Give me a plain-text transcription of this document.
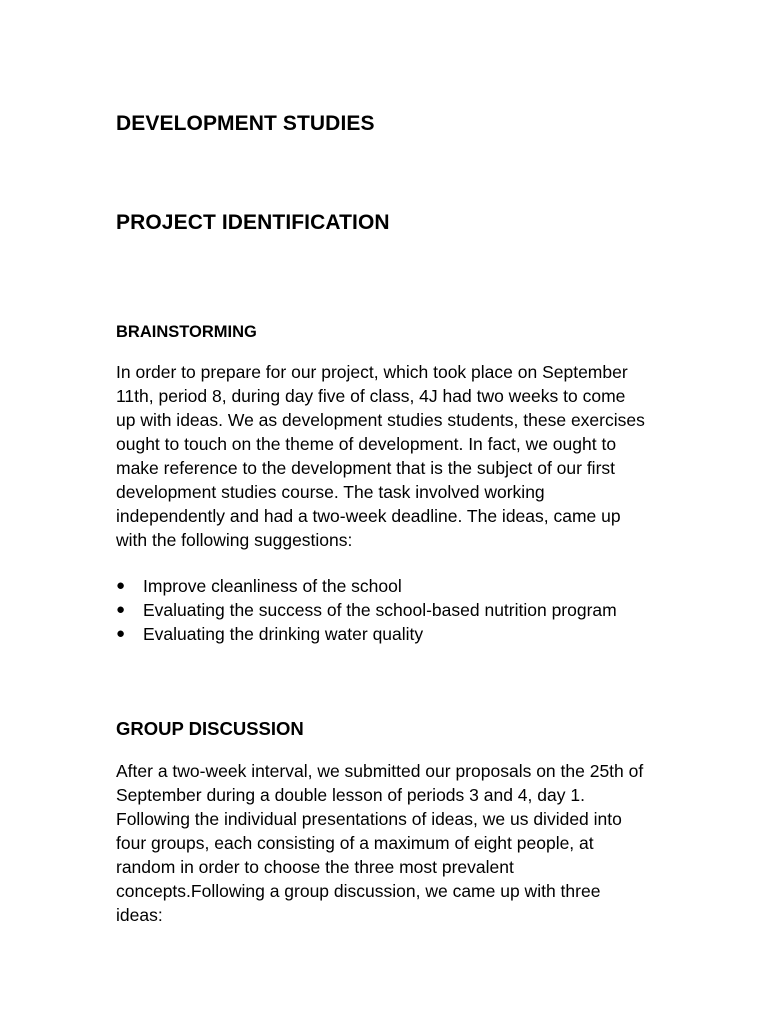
DEVELOPMENT STUDIES
PROJECT IDENTIFICATION
BRAINSTORMING

In order to prepare for our project, which took place on September 11th, period 8, during day five of class, 4J had two weeks to come up with ideas. We as development studies students, these exercises ought to touch on the theme of development. In fact, we ought to make reference to the development that is the subject of our first development studies course. The task involved working independently and had a two-week deadline. The ideas, came up with the following suggestions:

● Improve cleanliness of the school
● Evaluating the success of the school-based nutrition program
● Evaluating the drinking water quality
GROUP DISCUSSION

After a two-week interval, we submitted our proposals on the 25th of September during a double lesson of periods 3 and 4, day 1. Following the individual presentations of ideas, we us divided into four groups, each consisting of a maximum of eight people, at random in order to choose the three most prevalent concepts.Following a group discussion, we came up with three ideas:
